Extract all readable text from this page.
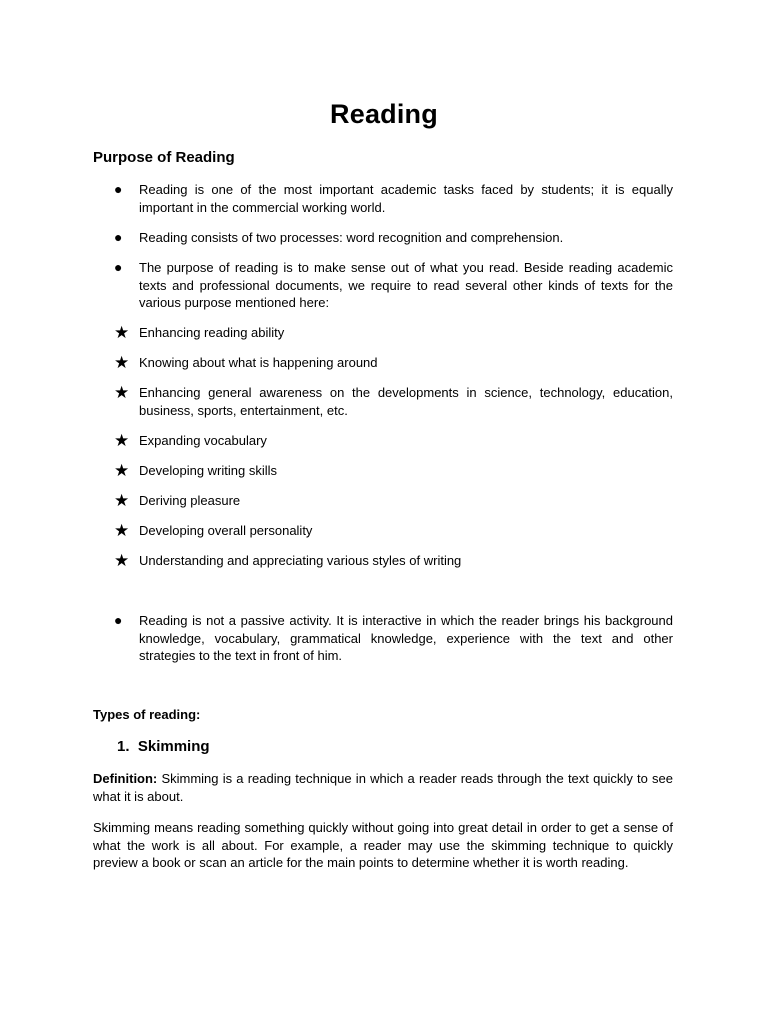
Reading
Purpose of Reading
● Reading is one of the most important academic tasks faced by students; it is equally important in the commercial working world.
● Reading consists of two processes: word recognition and comprehension.
● The purpose of reading is to make sense out of what you read. Beside reading academic texts and professional documents, we require to read several other kinds of texts for the various purpose mentioned here:
★ Enhancing reading ability
★ Knowing about what is happening around
★ Enhancing general awareness on the developments in science, technology, education, business, sports, entertainment, etc.
★ Expanding vocabulary
★ Developing writing skills
★ Deriving pleasure
★ Developing overall personality
★ Understanding and appreciating various styles of writing
● Reading is not a passive activity. It is interactive in which the reader brings his background knowledge, vocabulary, grammatical knowledge, experience with the text and other strategies to the text in front of him.
Types of reading:
1. Skimming
Definition: Skimming is a reading technique in which a reader reads through the text quickly to see what it is about.
Skimming means reading something quickly without going into great detail in order to get a sense of what the work is all about. For example, a reader may use the skimming technique to quickly preview a book or scan an article for the main points to determine whether it is worth reading.
